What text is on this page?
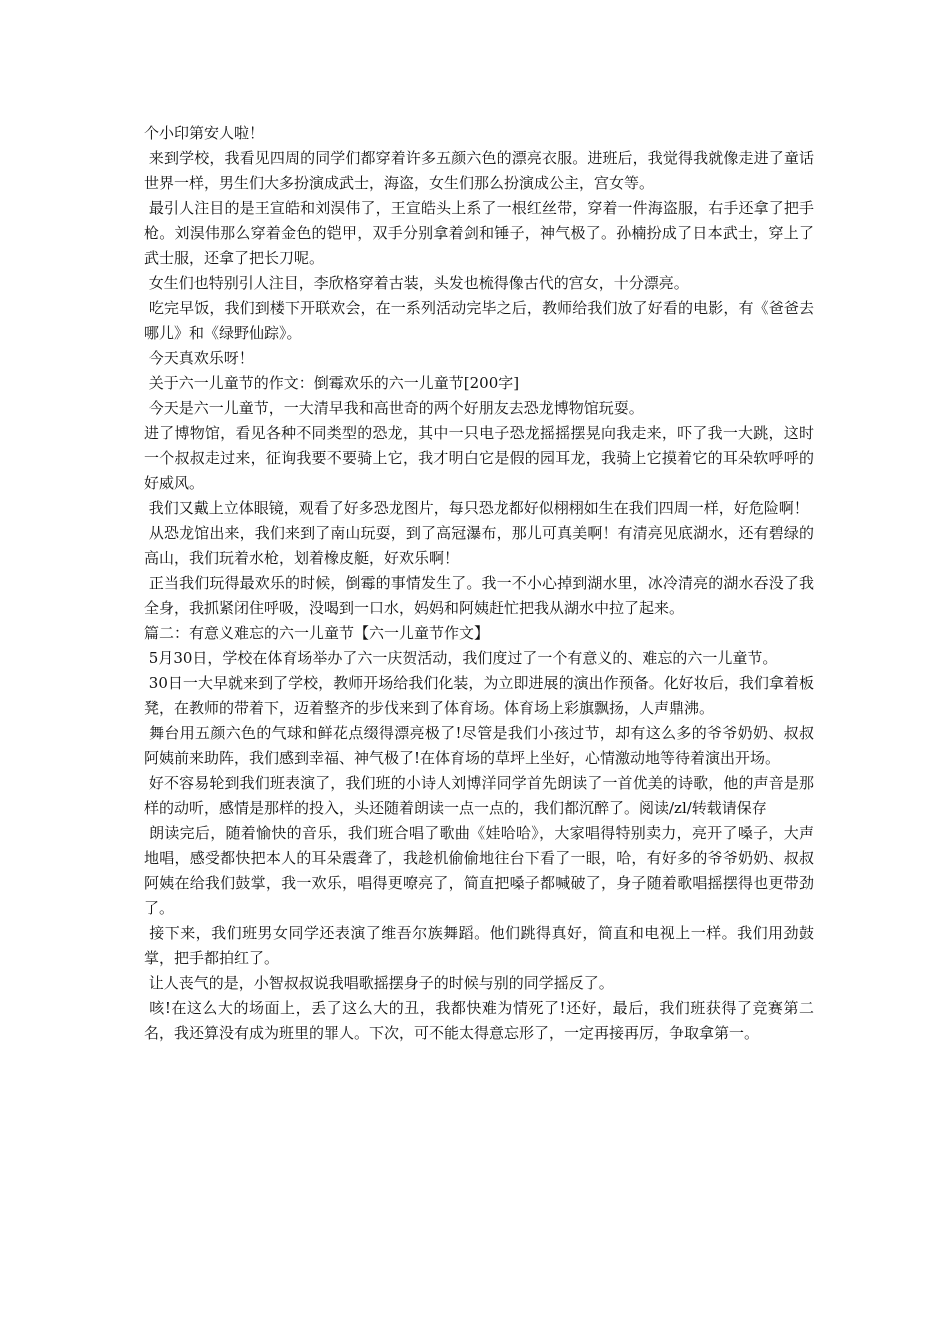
个小印第安人啦！

来到学校，我看见四周的同学们都穿着许多五颜六色的漂亮衣服。进班后，我觉得我就像走进了童话世界一样，男生们大多扮演成武士，海盗，女生们那么扮演成公主，宫女等。

最引人注目的是王宣皓和刘淏伟了，王宣皓头上系了一根红丝带，穿着一件海盗服，右手还拿了把手枪。刘淏伟那么穿着金色的铠甲，双手分别拿着剑和锤子，神气极了。孙楠扮成了日本武士，穿上了武士服，还拿了把长刀呢。

女生们也特别引人注目，李欣格穿着古装，头发也梳得像古代的宫女，十分漂亮。

吃完早饭，我们到楼下开联欢会，在一系列活动完毕之后，教师给我们放了好看的电影，有《爸爸去哪儿》和《绿野仙踪》。

今天真欢乐呀！

关于六一儿童节的作文：倒霉欢乐的六一儿童节[200字]

今天是六一儿童节，一大清早我和高世奇的两个好朋友去恐龙博物馆玩耍。

进了博物馆，看见各种不同类型的恐龙，其中一只电子恐龙摇摇摆晃向我走来，吓了我一大跳，这时一个叔叔走过来，征询我要不要骑上它，我才明白它是假的园耳龙，我骑上它摸着它的耳朵软呼呼的好威风。

我们又戴上立体眼镜，观看了好多恐龙图片，每只恐龙都好似栩栩如生在我们四周一样，好危险啊！

从恐龙馆出来，我们来到了南山玩耍，到了高冠瀑布，那儿可真美啊！有清亮见底湖水，还有碧绿的高山，我们玩着水枪，划着橡皮艇，好欢乐啊！

正当我们玩得最欢乐的时候，倒霉的事情发生了。我一不小心掉到湖水里，冰冷清亮的湖水吞没了我全身，我抓紧闭住呼吸，没喝到一口水，妈妈和阿姨赶忙把我从湖水中拉了起来。

篇二：有意义难忘的六一儿童节【六一儿童节作文】

5月30日，学校在体育场举办了六一庆贺活动，我们度过了一个有意义的、难忘的六一儿童节。

30日一大早就来到了学校，教师开场给我们化装，为立即进展的演出作预备。化好妆后，我们拿着板凳，在教师的带着下，迈着整齐的步伐来到了体育场。体育场上彩旗飘扬，人声鼎沸。

舞台用五颜六色的气球和鲜花点缀得漂亮极了!尽管是我们小孩过节，却有这么多的爷爷奶奶、叔叔阿姨前来助阵，我们感到幸福、神气极了!在体育场的草坪上坐好，心情激动地等待着演出开场。

好不容易轮到我们班表演了，我们班的小诗人刘博洋同学首先朗读了一首优美的诗歌，他的声音是那样的动听，感情是那样的投入，头还随着朗读一点一点的，我们都沉醉了。阅读/zl/转载请保存

朗读完后，随着愉快的音乐，我们班合唱了歌曲《娃哈哈》，大家唱得特别卖力，亮开了嗓子，大声地唱，感受都快把本人的耳朵震聋了，我趁机偷偷地往台下看了一眼，哈，有好多的爷爷奶奶、叔叔阿姨在给我们鼓掌，我一欢乐，唱得更嘹亮了，简直把嗓子都喊破了，身子随着歌唱摇摆得也更带劲了。

接下来，我们班男女同学还表演了维吾尔族舞蹈。他们跳得真好，简直和电视上一样。我们用劲鼓掌，把手都拍红了。

让人丧气的是，小智叔叔说我唱歌摇摆身子的时候与别的同学摇反了。

咳!在这么大的场面上，丢了这么大的丑，我都快难为情死了!还好，最后，我们班获得了竞赛第二名，我还算没有成为班里的罪人。下次，可不能太得意忘形了，一定再接再厉，争取拿第一。
